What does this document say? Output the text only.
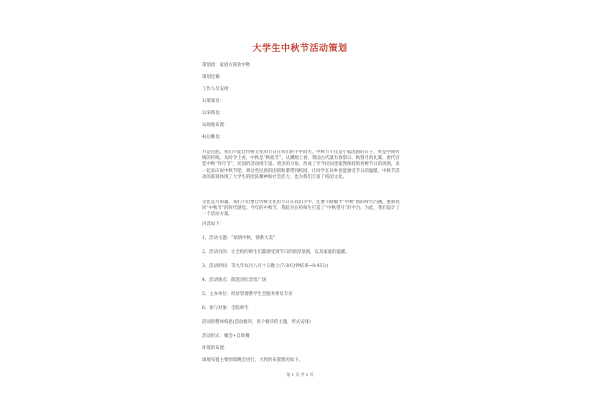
大学生中秋节活动策划
策划团：家庭方圆欢中秋
策划比赛：
工作人员安排：
1)策划员：
2)采购员：
3)场地布置：
4)后勤员：
月是民族。我们不能让传统文化的节日在我们的手中消失，中秋节不仅是小家团圆的日子，更是中国传统的传统。从时令上看，中秋是“秋收节”。从渊源上看，我国古代就有春祭日、秋祭月的礼制，唐代宫廷中秋“拜月节”，民间的活动则丰富。诸多的习俗，形成了至今民间也依然保持的各种节日的风情，来一起来庆祝中秋节吧，将这些民族的团圆和谐带到校园，让同学在异乡也能感受节日的温暖。中秋节活动的策划体现了大学生的团队精神和社会活力，也为我们丰富了校园文化。
文化是月的魂，我们不但要让传统文化的节日在我们手中，还要不断赋予“中秋”新的时代内涵，重新找回“中秋节”的时代感觉。今年的中秋节，我院为在校师生打造了“中秋望月”的平台，为此，我们设计了一个活动方案。
内容如下：
1、活动主题：“浓情中秋，情系大美”
2、活动目的：让全校的师生们都感受到节日的浓厚氛围，以及家庭的温暖。
3、活动时间：等九年农历八月十五晚上(7:30分钟结束~9:45分)
4、活动地点：陈凯哥纪念馆广场
5、主办单位：经济管理系学生会服务委员专业
6、参与对象：全院师生
活动的整体构思(活动板块，各个板块的主题，形式安排)
活动形式：聚会+自助餐
环境的布置：
场地布置主要围着晚会进行，大致的布置情况如下。
第 1 页 共 5 页
